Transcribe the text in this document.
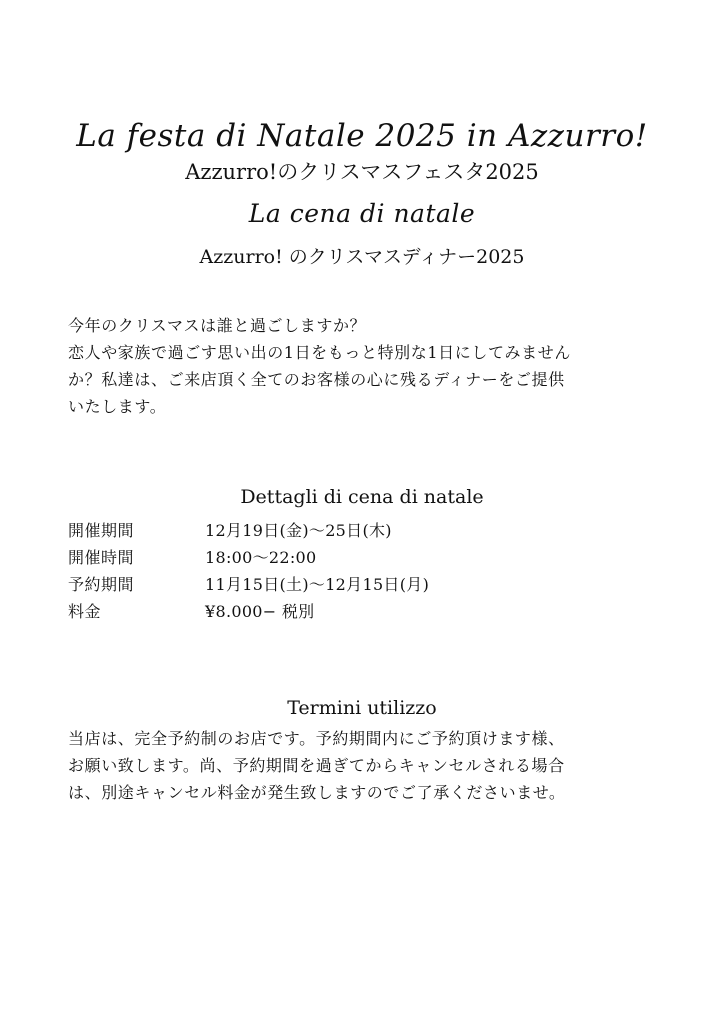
La festa di Natale 2025 in Azzurro!
Azzurro!のクリスマスフェスタ2025
La cena di natale
Azzurro! のクリスマスディナー2025
今年のクリスマスは誰と過ごしますか？
恋人や家族で過ごす思い出の1日をもっと特別な1日にしてみません
か？私達は、ご来店頂く全てのお客様の心に残るディナーをご提供
いたします。
Dettagli di cena di natale
開催期間	12月19日(金)〜25日(木)
開催時間	18:00〜22:00
予約期間	11月15日(土)〜12月15日(月)
料金	¥8.000− 税別
Termini utilizzo
当店は、完全予約制のお店です。予約期間内にご予約頂けます様、
お願い致します。尚、予約期間を過ぎてからキャンセルされる場合
は、別途キャンセル料金が発生致しますのでご了承くださいませ。
